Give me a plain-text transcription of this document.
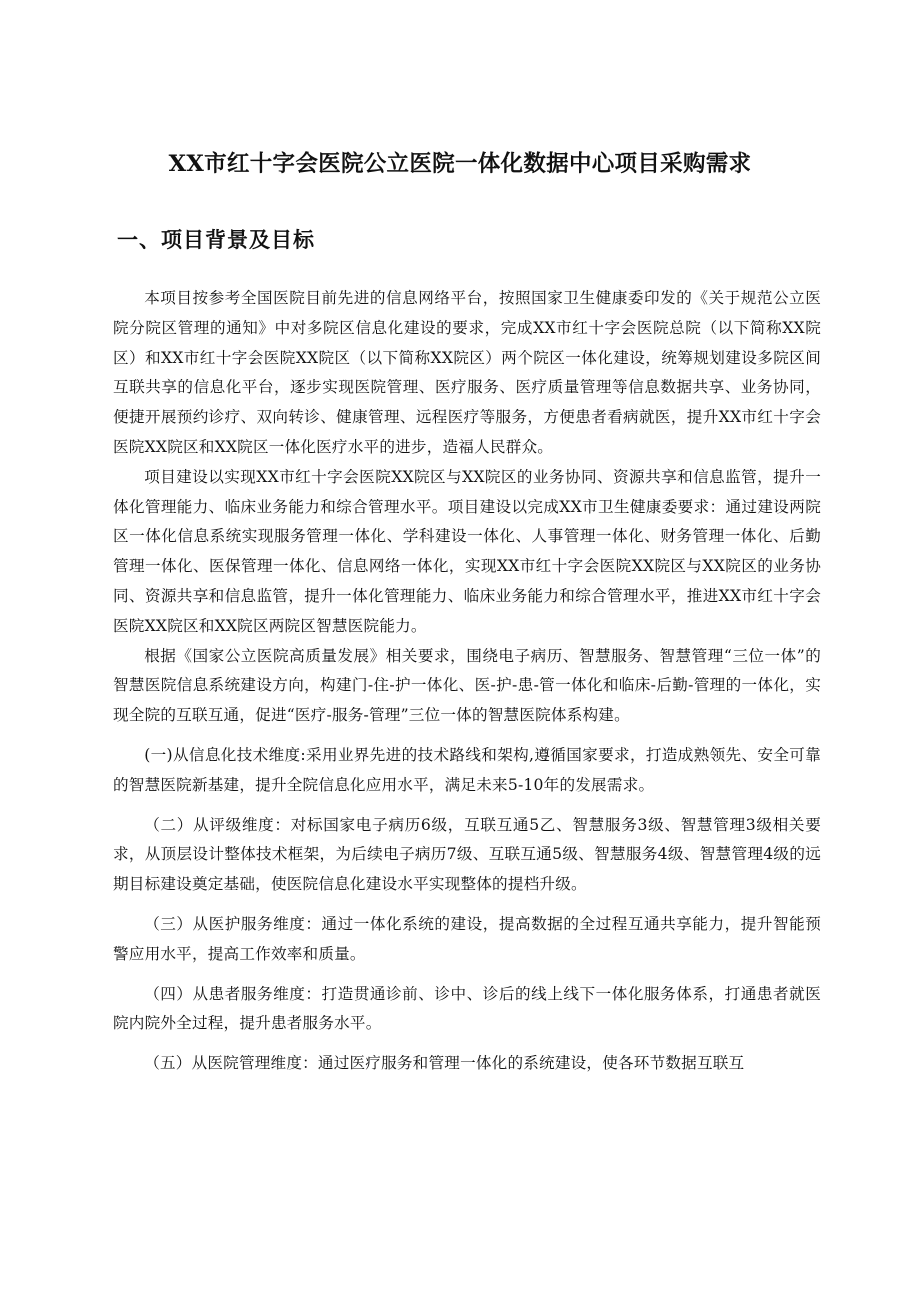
XX市红十字会医院公立医院一体化数据中心项目采购需求
一、项目背景及目标

本项目按参考全国医院目前先进的信息网络平台，按照国家卫生健康委印发的《关于规范公立医院分院区管理的通知》中对多院区信息化建设的要求，完成XX市红十字会医院总院（以下简称XX院区）和XX市红十字会医院XX院区（以下简称XX院区）两个院区一体化建设，统筹规划建设多院区间互联共享的信息化平台，逐步实现医院管理、医疗服务、医疗质量管理等信息数据共享、业务协同，便捷开展预约诊疗、双向转诊、健康管理、远程医疗等服务，方便患者看病就医，提升XX市红十字会医院XX院区和XX院区一体化医疗水平的进步，造福人民群众。

项目建设以实现XX市红十字会医院XX院区与XX院区的业务协同、资源共享和信息监管，提升一体化管理能力、临床业务能力和综合管理水平。项目建设以完成XX市卫生健康委要求：通过建设两院区一体化信息系统实现服务管理一体化、学科建设一体化、人事管理一体化、财务管理一体化、后勤管理一体化、医保管理一体化、信息网络一体化，实现XX市红十字会医院XX院区与XX院区的业务协同、资源共享和信息监管，提升一体化管理能力、临床业务能力和综合管理水平，推进XX市红十字会医院XX院区和XX院区两院区智慧医院能力。

根据《国家公立医院高质量发展》相关要求，围绕电子病历、智慧服务、智慧管理“三位一体”的智慧医院信息系统建设方向，构建门-住-护一体化、医-护-患-管一体化和临床-后勤-管理的一体化，实现全院的互联互通，促进“医疗-服务-管理”三位一体的智慧医院体系构建。

(一)从信息化技术维度:采用业界先进的技术路线和架构,遵循国家要求，打造成熟领先、安全可靠的智慧医院新基建，提升全院信息化应用水平，满足未来5-10年的发展需求。

（二）从评级维度：对标国家电子病历6级，互联互通5乙、智慧服务3级、智慧管理3级相关要求，从顶层设计整体技术框架，为后续电子病历7级、互联互通5级、智慧服务4级、智慧管理4级的远期目标建设奠定基础，使医院信息化建设水平实现整体的提档升级。

（三）从医护服务维度：通过一体化系统的建设，提高数据的全过程互通共享能力，提升智能预警应用水平，提高工作效率和质量。

（四）从患者服务维度：打造贯通诊前、诊中、诊后的线上线下一体化服务体系，打通患者就医院内院外全过程，提升患者服务水平。

（五）从医院管理维度：通过医疗服务和管理一体化的系统建设，使各环节数据互联互
